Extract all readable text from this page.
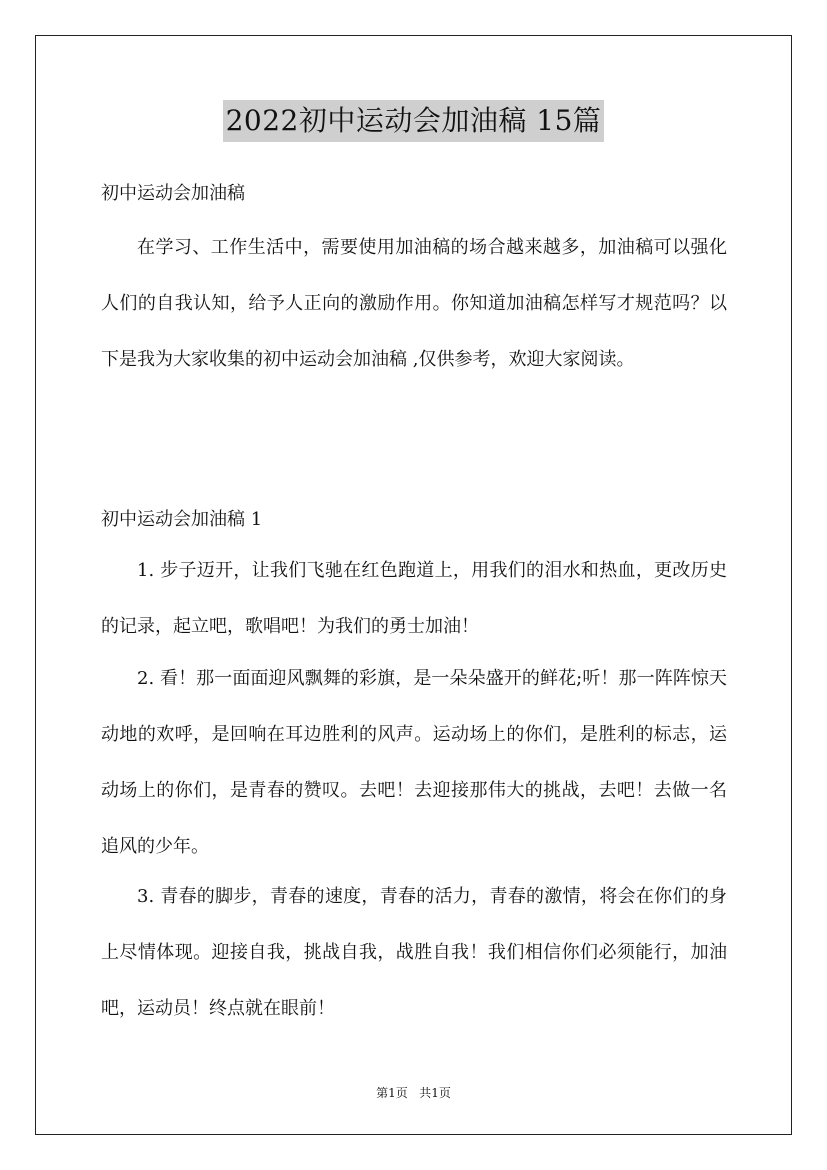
2022初中运动会加油稿 15篇
初中运动会加油稿

在学习、工作生活中，需要使用加油稿的场合越来越多，加油稿可以强化人们的自我认知，给予人正向的激励作用。你知道加油稿怎样写才规范吗？以下是我为大家收集的初中运动会加油稿 ,仅供参考，欢迎大家阅读。

初中运动会加油稿 1

1. 步子迈开，让我们飞驰在红色跑道上，用我们的泪水和热血，更改历史的记录，起立吧，歌唱吧！为我们的勇士加油！

2. 看！那一面面迎风飘舞的彩旗，是一朵朵盛开的鲜花;听！那一阵阵惊天动地的欢呼，是回响在耳边胜利的风声。运动场上的你们，是胜利的标志，运动场上的你们，是青春的赞叹。去吧！去迎接那伟大的挑战，去吧！去做一名追风的少年。

3. 青春的脚步，青春的速度，青春的活力，青春的激情，将会在你们的身上尽情体现。迎接自我，挑战自我，战胜自我！我们相信你们必须能行，加油吧，运动员！终点就在眼前！

第1页 共1页
